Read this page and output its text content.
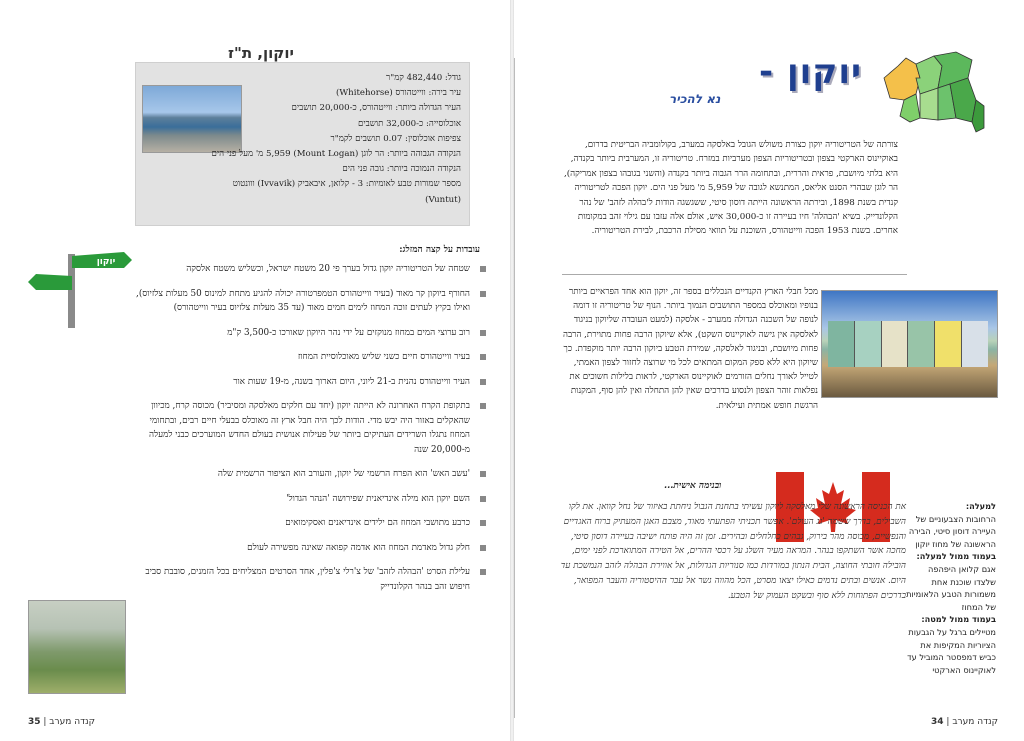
יוקון, ת"ז
גודל: 482,440 קמ"ר
עיר בירה: ווייטהורס (Whitehorse)
העיר הגדולה ביותר: ווייטהורס, כ-20,000 תושבים
אוכלוסייה: כ-32,000 תושבים
צפיפות אוכלוסין: 0.07 תושבים לקמ"ר
הנקודה הגבוהה ביותר: הר לוגן (Mount Logan) 5,959 מ' מעל פני הים
הנקודה הנמוכה ביותר: גובה פני הים
מספר שמורות טבע לאומיות: 3 - קלואן, איבאביק (Ivvavik) ווונטוט
(Vuntut)
יוקון
עובדות על קצה המזלג:
שטחה של הטריטוריה יוקון גדול בערך פי 20 משטח ישראל, וכשליש משטח אלסקה
החורף ביוקון קר מאוד (בעיר ווייטהורס הטמפרטורה יכולה להגיע מתחת למינוס 50 מעלות צלזיוס), ואילו בקיץ לעתים זוכה המחוז לימים חמים מאוד (עד 35 מעלות צלזיוס בעיר ווייטהורס)
רוב ערוצי המים במחוז מנוקזים על ידי נהר היוקון שאורכו כ-3,500 ק"מ
בעיר ווייטהורס חיים כשני שליש מאוכלוסיית המחוז
העיר ווייטהורס נהנית ב-21 ליוני, היום הארוך בשנה, מ-19 שעות אור
בתקופת הקרח האחרונה לא הייתה יוקון (יחד עם חלקים מאלסקה ומסיביר) מכוסה קרח, מכיוון שהאקלים באזור היה יבש מדי. הודות לכך היה חבל ארץ זה מאוכלס בבעלי חיים רבים, ובתחומי המחוז נתגלו השרידים העתיקים ביותר של פעילות אנושית בעולם החדש המוערכים כבני למעלה מ-20,000 שנה
'עשב האש' הוא הפרח הרשמי של יוקון, והעורב הוא הציפור הרשמית שלה
השם יוקון הוא מילה אינדיאנית שפירושה 'הנהר הגדול'
כרבע מתושבי המחוז הם ילידים אינדיאנים ואסקימואים
חלק גדול מאדמת המחוז הוא אדמה קפואה שאינה מפשירה לעולם
עלילת הסרט 'הבהלה לזהב' של צ'רלי צ'פלין, אחד הסרטים המצליחים בכל הזמנים, סובבת סביב חיפוש זהב בנהר הקלונדייק
35 | קנדה מערב
יוקון -
נא להכיר
צורתה של הטריטוריה יוקון כצורת משולש הגובל באלסקה במערב, בקולומביה הבריטית בדרום, באוקיינוס הארקטי בצפון ובטריטוריות הצפון מערביות במזרח. טריטוריה זו, המערבית ביותר בקנדה, היא בלתי מיושבת, פראית והררית, ובתחומה הרר הגבוה ביותר בקנדה (והשני בגובהו בצפון אמריקה), הר לוגן שבהרי הסנט אליאס, המתנשא לגובה של 5,959 מ' מעל פני הים. יוקון הפכה לטריטוריה קנדית בשנת 1898, ובירתה הראשונה הייתה דוסון סיטי, ששגשגה הודות ל'בהלה לזהב' של נהר הקלונדייק. בשיא 'הבהלה' חיו בעיירה זו כ-30,000 איש, אולם אלה עזבו עם גילוי זהב במקומות אחרים. בשנת 1953 הפכה ווייטהורס, השוכנת על תוואי מסילת הרכבת, לבירת הטריטוריה.
מכל חבלי הארץ הקנדיים הנכללים בספר זה, יוקון הוא אחד הפראיים ביותר בנופיו ומאוכלס במספר התושבים הנמוך ביותר. הנוף של טריטוריה זו דומה לנופה של השכנה הגדולה ממערב - אלסקה (למעט העובדה שליוקון בניגוד לאלסקה אין גישה לאוקיינוס השקט), אלא שיוקון הרבה פחות מתוירת, הרבה פחות מיושבת, ובניגוד לאלסקה, שמירת הטבע ביוקון הרבה יותר מוקפדת. כך שיוקון היא ללא ספק המקום המתאים לכל מי שרוצה לחזור לצפון האמתי, לטייל לאורך נחלים הזורמים לאוקיינוס הארקטי, לראות בלילות חשוכים את נפלאות זוהר הצפון ולנסוע בדרכים שאין להן התחלה ואין להן סוף, המקנות הרגשת חופש אמתית ועילאית.
ובנימה אישית...
את הכניסה הראשונה שלי מאלסקה ליוקון עשיתי בתחנת הגבול ניחתת באיזור של נחל קוואן. את לקו השבילים, בדרך ששמה 'גג העולם'. אפשר תכניתי הפתעתי מאוד, מצבם האגן המעתיק ברוח האגדיים והנפשיים, מכוסה מהר בירוק, גבהים כחלחלים ובהירים. זמן זה היה פותח ישיבה בעיירה דוסון סיטי, מחכה אשר השתקפו בנהר. המראה מעיר השלג על רכסי ההרים, אל הטירה המתוארכת לפני ימים, הובילה חובתי החוצה, הבית הנתון במורדות כמו סנוריות הגדולות, אל אווירת הבהלה לזהב הנמשכת עד היום. אנשים ובתים נדמים כאילו יצאו מסרט, הכל מהווה גשר אל עבר ההיסטוריה והעבר המפואר, בדרכים הפתוחות ללא סוף ובשקט העמוק של הטבע.
למעלה:
הרחובות הצבעוניים של העיירה דוסון סיטי, הבירה הראשונה של מחוז יוקון
בעמוד ממול למעלה:
אגם קלואן היפהפה שלצדו שוכנת אחת משמורות הטבע הלאומיות של המחוז
בעמוד ממול למטה:
מטיילים ברגל על הגבעות הציוריות המקיפות את כביש דמפסטר המוביל עד לאוקיינוס הארקטי
קנדה מערב | 34
